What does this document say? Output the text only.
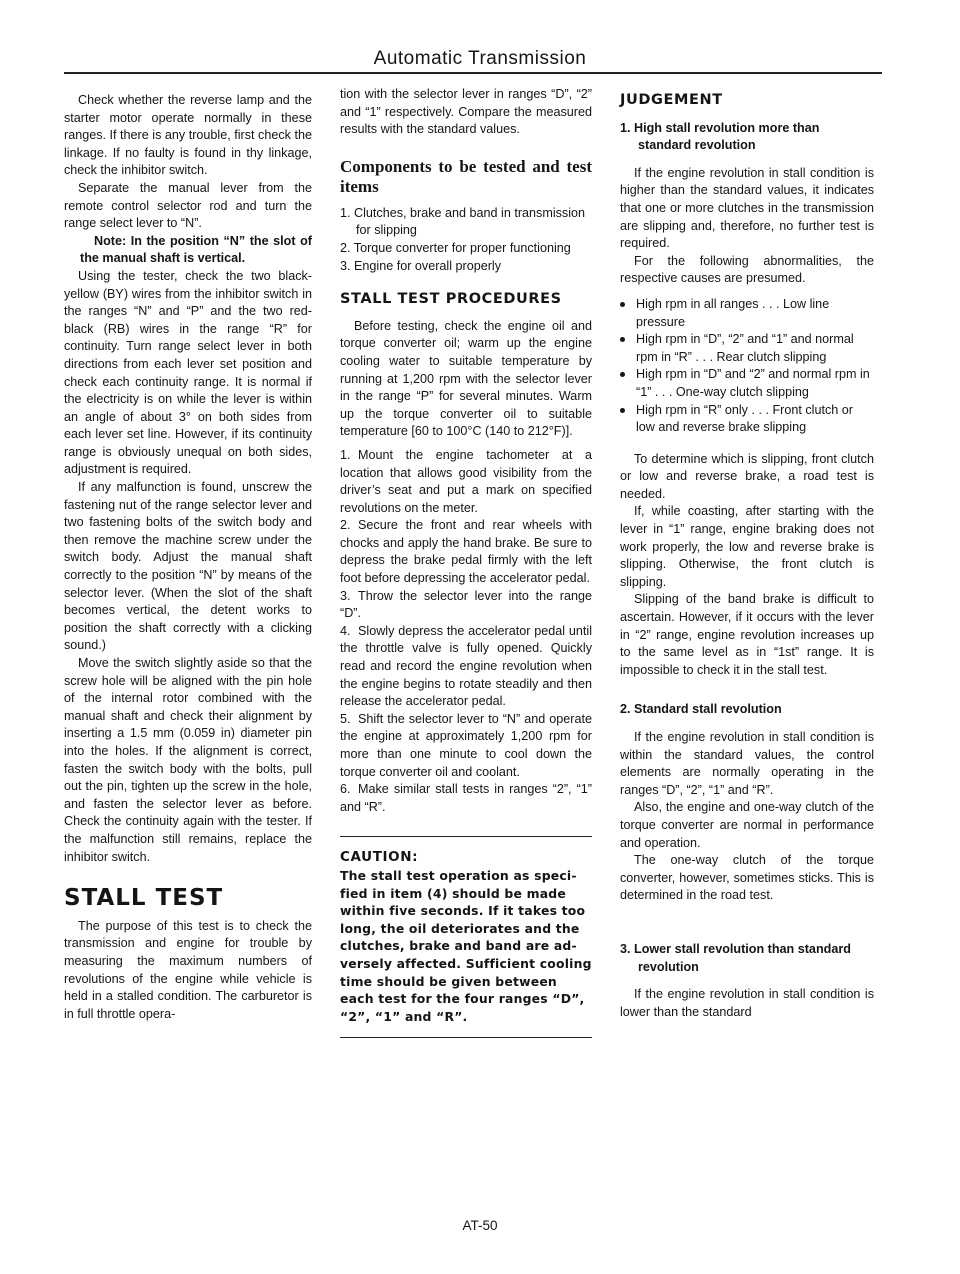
Automatic Transmission

Check whether the reverse lamp and the starter motor operate normally in these ranges. If there is any trouble, first check the linkage. If no faulty is found in thy linkage, check the inhibitor switch.

Separate the manual lever from the remote control selector rod and turn the range select lever to “N”.

Note: In the position “N” the slot of the manual shaft is vertical.

Using the tester, check the two black-yellow (BY) wires from the inhibitor switch in the ranges “N” and “P” and the two red-black (RB) wires in the range “R” for continuity. Turn range select lever in both directions from each lever set position and check each continuity range. It is normal if the electricity is on while the lever is within an angle of about 3° on both sides from each lever set line. However, if its continuity range is obviously unequal on both sides, adjustment is required.

If any malfunction is found, unscrew the fastening nut of the range selector lever and two fastening bolts of the switch body and then remove the machine screw under the switch body. Adjust the manual shaft correctly to the position “N” by means of the selector lever. (When the slot of the shaft becomes vertical, the detent works to position the shaft correctly with a clicking sound.)

Move the switch slightly aside so that the screw hole will be aligned with the pin hole of the internal rotor combined with the manual shaft and check their alignment by inserting a 1.5 mm (0.059 in) diameter pin into the holes. If the alignment is correct, fasten the switch body with the bolts, pull out the pin, tighten up the screw in the hole, and fasten the selector lever as before. Check the continuity again with the tester. If the malfunction still remains, replace the inhibitor switch.

STALL TEST

The purpose of this test is to check the transmission and engine for trouble by measuring the maximum numbers of revolutions of the engine while vehicle is held in a stalled condition. The carburetor is in full throttle opera-

tion with the selector lever in ranges “D”, “2” and “1” respectively. Compare the measured results with the standard values.

Components to be tested and test items
1. Clutches, brake and band in transmission for slipping
2. Torque converter for proper functioning
3. Engine for overall properly
STALL TEST PROCEDURES

Before testing, check the engine oil and torque converter oil; warm up the engine cooling water to suitable temperature by running at 1,200 rpm with the selector lever in the range “P” for several minutes. Warm up the torque converter oil to suitable temperature [60 to 100°C (140 to 212°F)].

1. Mount the engine tachometer at a location that allows good visibility from the driver’s seat and put a mark on specified revolutions on the meter.

2. Secure the front and rear wheels with chocks and apply the hand brake. Be sure to depress the brake pedal firmly with the left foot before depressing the accelerator pedal.

3. Throw the selector lever into the range “D”.

4. Slowly depress the accelerator pedal until the throttle valve is fully opened. Quickly read and record the engine revolution when the engine begins to rotate steadily and then release the accelerator pedal.

5. Shift the selector lever to “N” and operate the engine at approximately 1,200 rpm for more than one minute to cool down the torque converter oil and coolant.

6. Make similar stall tests in ranges “2”, “1” and “R”.

CAUTION:
The stall test operation as speci- fied in item (4) should be made within five seconds. If it takes too long, the oil deteriorates and the clutches, brake and band are ad- versely affected. Sufficient cooling time should be given between each test for the four ranges “D”, “2”, “1” and “R”.
JUDGEMENT
1. High stall revolution more than standard revolution

If the engine revolution in stall condition is higher than the standard values, it indicates that one or more clutches in the transmission are slipping and, therefore, no further test is required.

For the following abnormalities, the respective causes are presumed.

High rpm in all ranges . . . Low line pressure
High rpm in “D”, “2” and “1” and normal rpm in “R” . . . Rear clutch slipping
High rpm in “D” and “2” and normal rpm in “1” . . . One-way clutch slipping
High rpm in “R” only . . . Front clutch or low and reverse brake slipping

To determine which is slipping, front clutch or low and reverse brake, a road test is needed.

If, while coasting, after starting with the lever in “1” range, engine braking does not work properly, the low and reverse brake is slipping. Otherwise, the front clutch is slipping.

Slipping of the band brake is difficult to ascertain. However, if it occurs with the lever in “2” range, engine revolution increases up to the same level as in “1st” range. It is impossible to check it in the stall test.

2. Standard stall revolution

If the engine revolution in stall condition is within the standard values, the control elements are normally operating in the ranges “D”, “2”, “1” and “R”.

Also, the engine and one-way clutch of the torque converter are normal in performance and operation.

The one-way clutch of the torque converter, however, sometimes sticks. This is determined in the road test.

3. Lower stall revolution than standard revolution

If the engine revolution in stall condition is lower than the standard

AT-50
